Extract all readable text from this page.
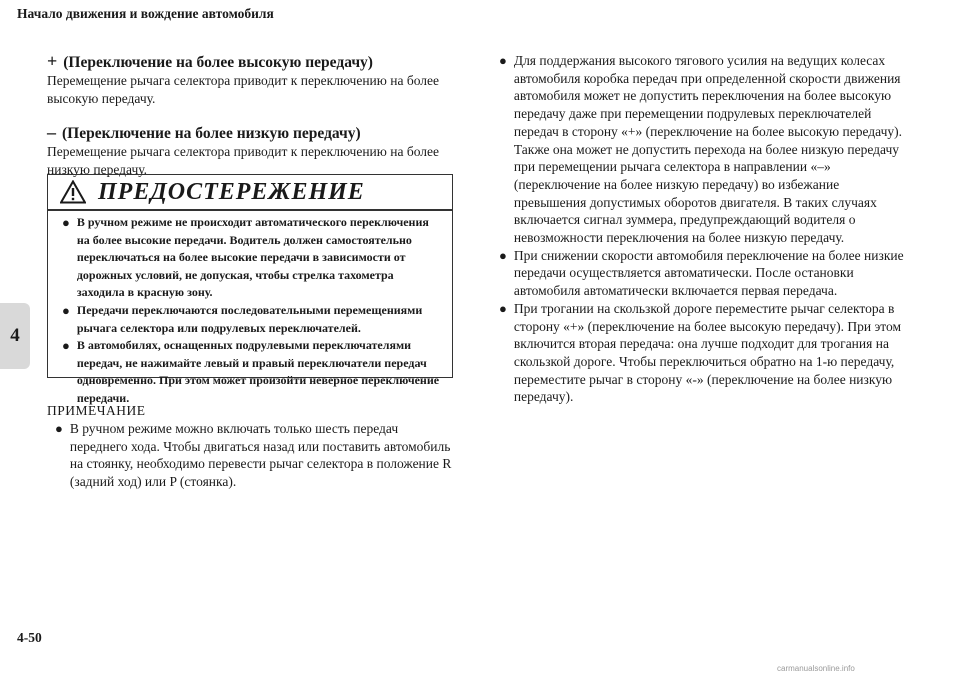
Начало движения и вождение автомобиля
4
+ (Переключение на более высокую передачу)

Перемещение рычага селектора приводит к переключению на более высокую передачу.

– (Переключение на более низкую передачу)

Перемещение рычага селектора приводит к переключению на более низкую передачу.

ПРЕДОСТЕРЕЖЕНИЕ
● В ручном режиме не происходит автоматического переключения на более высокие передачи. Водитель должен самостоятельно переключаться на более высокие передачи в зависимости от дорожных условий, не допуская, чтобы стрелка тахометра заходила в красную зону.
● Передачи переключаются последовательными перемещениями рычага селектора или подрулевых переключателей.
● В автомобилях, оснащенных подрулевыми переключателями передач, не нажимайте левый и правый переключатели передач одновременно. При этом может произойти неверное переключение передачи.
ПРИМЕЧАНИЕ
● В ручном режиме можно включать только шесть передач переднего хода. Чтобы двигаться назад или поставить автомобиль на стоянку, необходимо перевести рычаг селектора в положение R (задний ход) или P (стоянка).
● Для поддержания высокого тягового усилия на ведущих колесах автомобиля коробка передач при определенной скорости движения автомобиля может не допустить переключения на более высокую передачу даже при перемещении подрулевых переключателей передач в сторону «+» (переключение на более высокую передачу). Также она может не допустить перехода на более низкую передачу при перемещении рычага селектора в направлении «–» (переключение на более низкую передачу) во избежание превышения допустимых оборотов двигателя. В таких случаях включается сигнал зуммера, предупреждающий водителя о невозможности переключения на более низкую передачу.
● При снижении скорости автомобиля переключение на более низкие передачи осуществляется автоматически. После остановки автомобиля автоматически включается первая передача.
● При трогании на скользкой дороге переместите рычаг селектора в сторону «+» (переключение на более высокую передачу). При этом включится вторая передача: она лучше подходит для трогания на скользкой дороге. Чтобы переключиться обратно на 1-ю передачу, переместите рычаг в сторону «-» (переключение на более низкую передачу).
4-50
carmanualsonline.info
